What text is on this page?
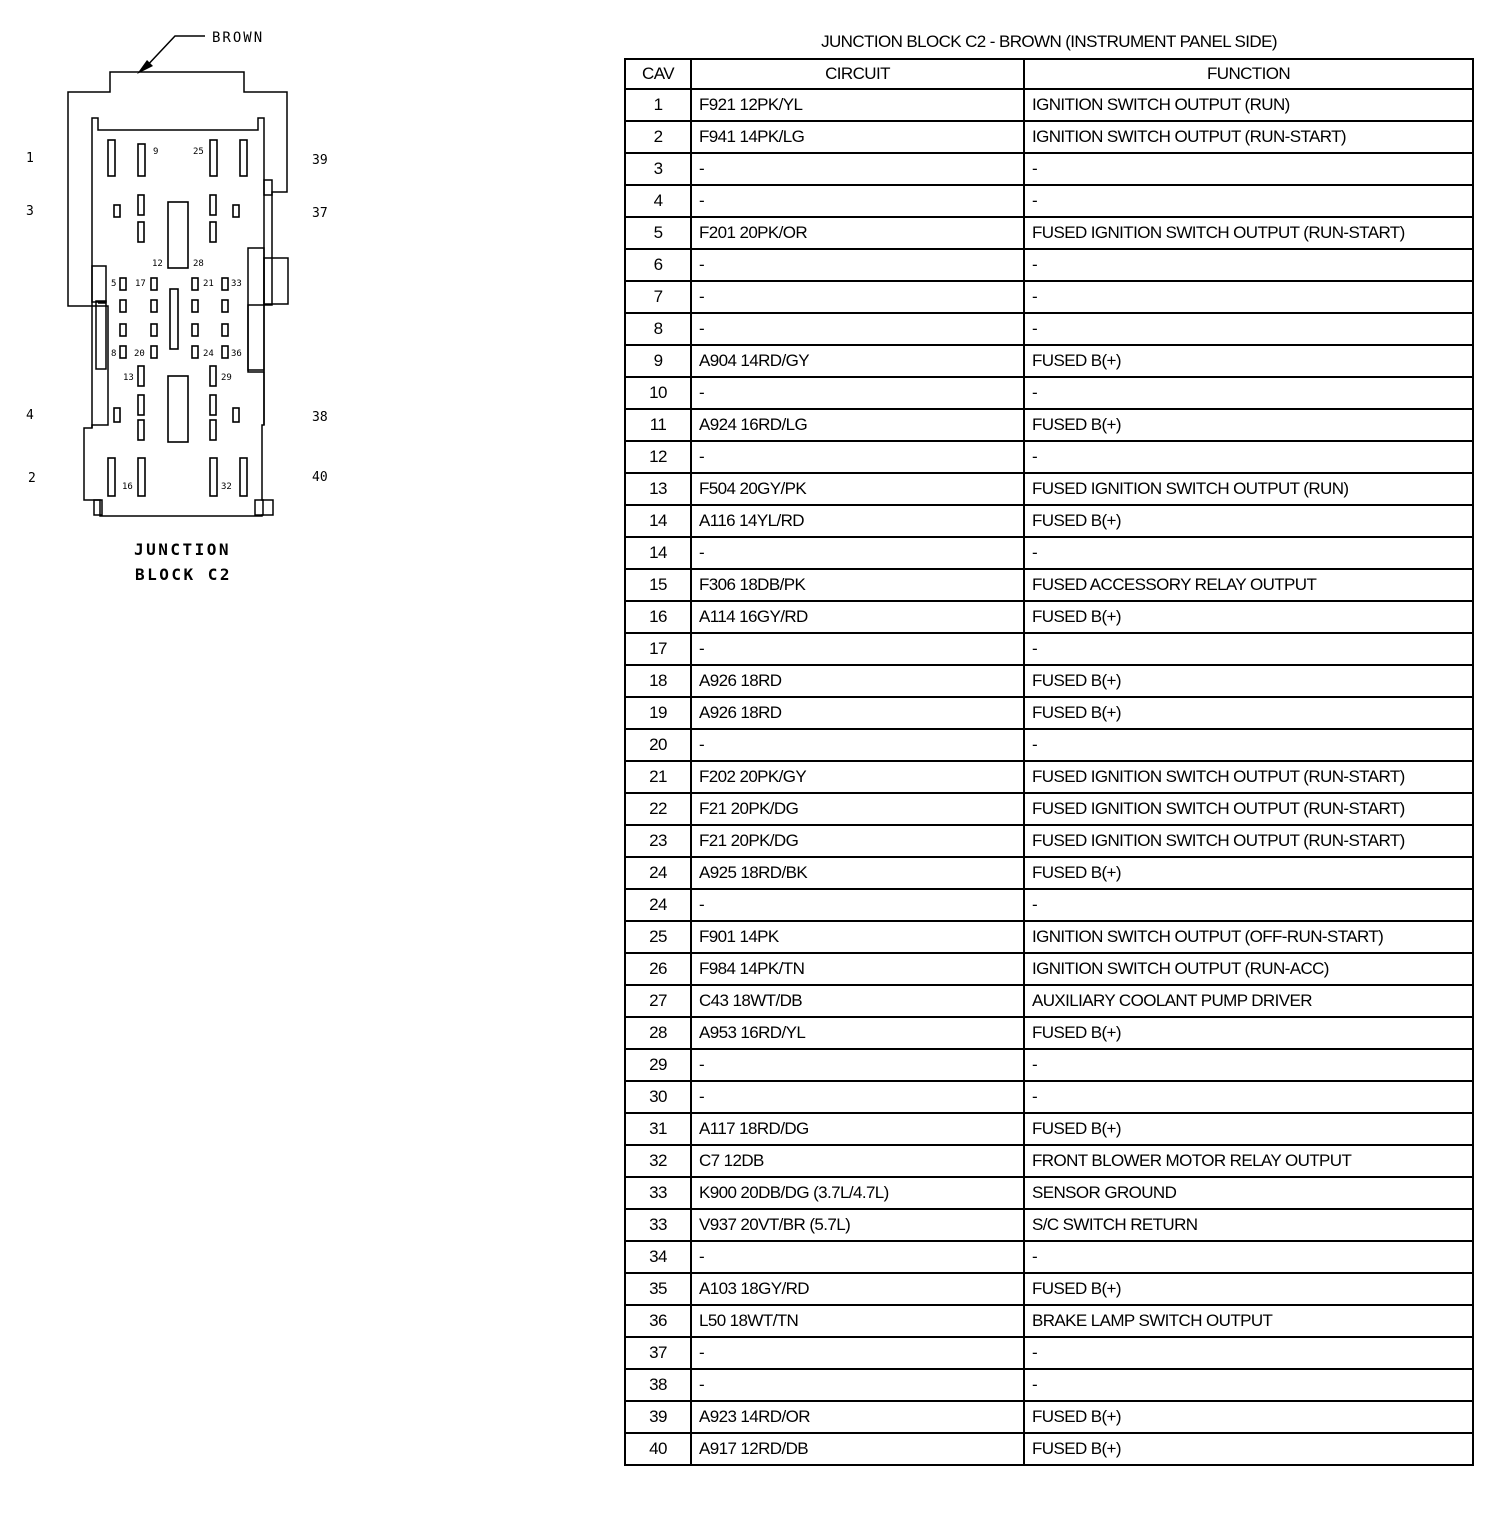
BROWN
1
3
4
2
39
37
38
40
9	25
12	28
5 17	21 33
8 20	24 36
13	29
16	32
JUNCTION
BLOCK C2
JUNCTION BLOCK C2 - BROWN (INSTRUMENT PANEL SIDE)
CAV	CIRCUIT	FUNCTION
1	F921 12PK/YL	IGNITION SWITCH OUTPUT (RUN)
2	F941 14PK/LG	IGNITION SWITCH OUTPUT (RUN-START)
3	-	-
4	-	-
5	F201 20PK/OR	FUSED IGNITION SWITCH OUTPUT (RUN-START)
6	-	-
7	-	-
8	-	-
9	A904 14RD/GY	FUSED B(+)
10	-	-
11	A924 16RD/LG	FUSED B(+)
12	-	-
13	F504 20GY/PK	FUSED IGNITION SWITCH OUTPUT (RUN)
14	A116 14YL/RD	FUSED B(+)
14	-	-
15	F306 18DB/PK	FUSED ACCESSORY RELAY OUTPUT
16	A114 16GY/RD	FUSED B(+)
17	-	-
18	A926 18RD	FUSED B(+)
19	A926 18RD	FUSED B(+)
20	-	-
21	F202 20PK/GY	FUSED IGNITION SWITCH OUTPUT (RUN-START)
22	F21 20PK/DG	FUSED IGNITION SWITCH OUTPUT (RUN-START)
23	F21 20PK/DG	FUSED IGNITION SWITCH OUTPUT (RUN-START)
24	A925 18RD/BK	FUSED B(+)
24	-	-
25	F901 14PK	IGNITION SWITCH OUTPUT (OFF-RUN-START)
26	F984 14PK/TN	IGNITION SWITCH OUTPUT (RUN-ACC)
27	C43 18WT/DB	AUXILIARY COOLANT PUMP DRIVER
28	A953 16RD/YL	FUSED B(+)
29	-	-
30	-	-
31	A117 18RD/DG	FUSED B(+)
32	C7 12DB	FRONT BLOWER MOTOR RELAY OUTPUT
33	K900 20DB/DG (3.7L/4.7L)	SENSOR GROUND
33	V937 20VT/BR (5.7L)	S/C SWITCH RETURN
34	-	-
35	A103 18GY/RD	FUSED B(+)
36	L50 18WT/TN	BRAKE LAMP SWITCH OUTPUT
37	-	-
38	-	-
39	A923 14RD/OR	FUSED B(+)
40	A917 12RD/DB	FUSED B(+)
